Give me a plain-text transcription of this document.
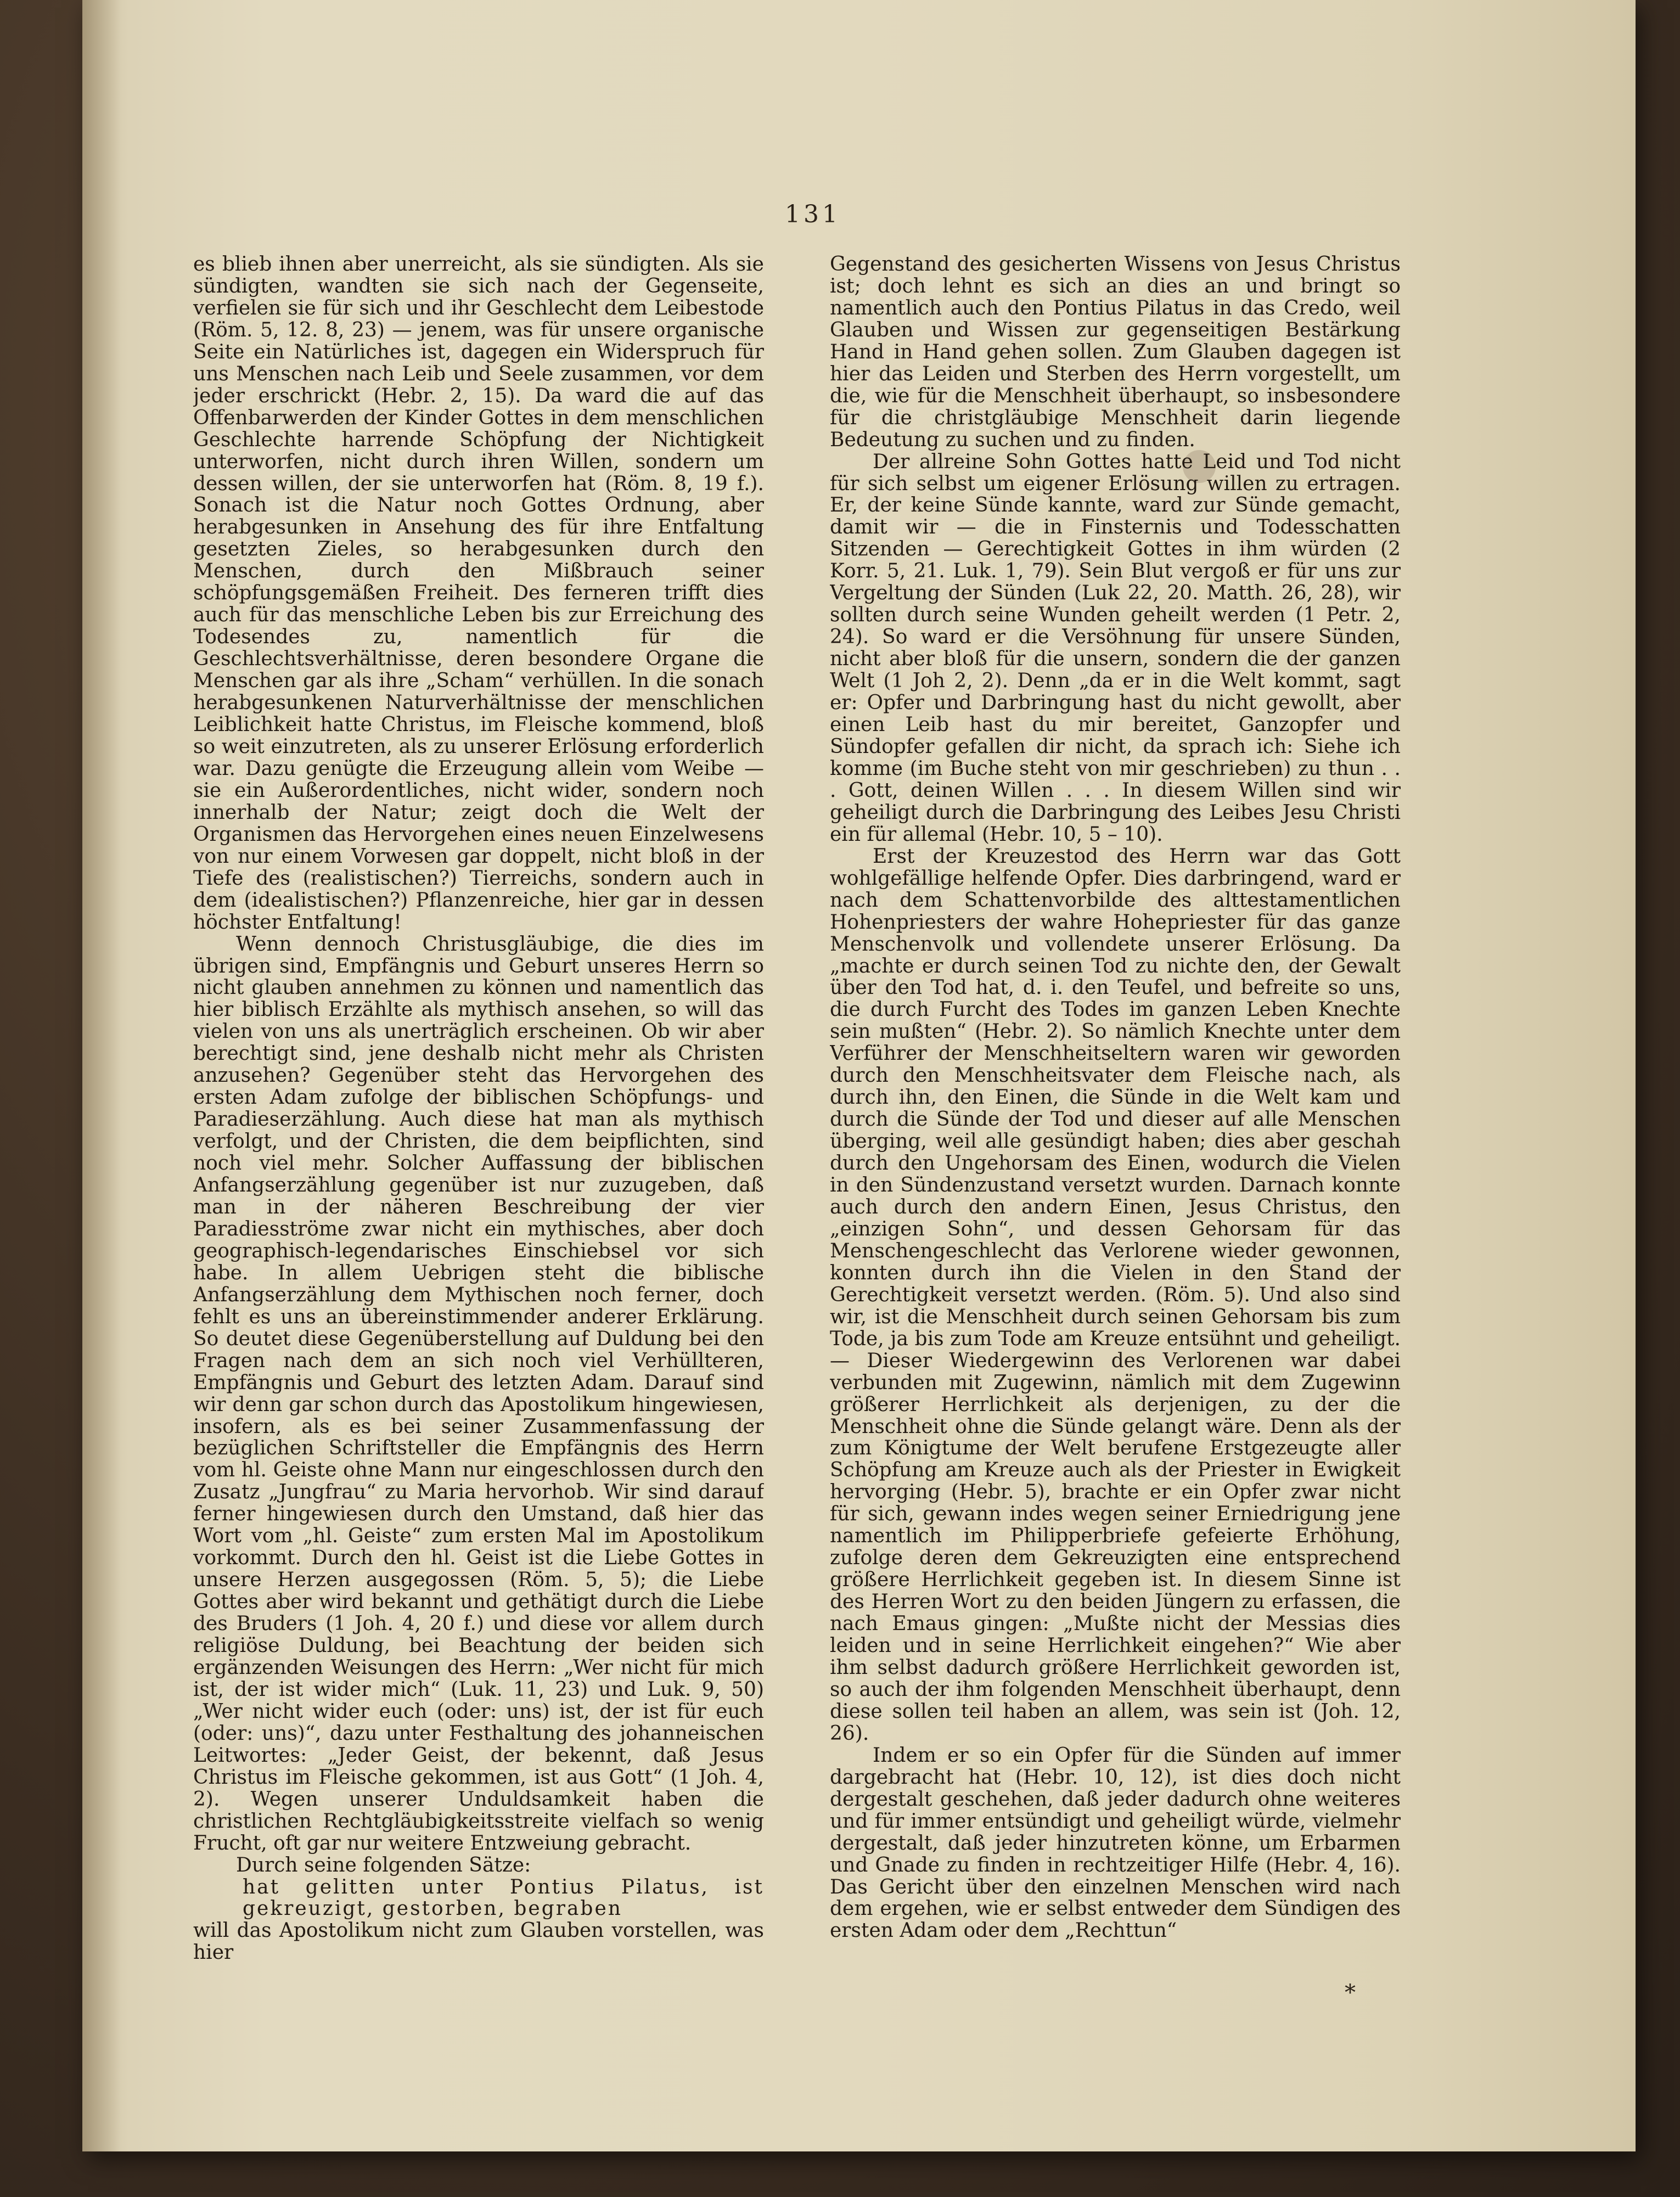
131

es blieb ihnen aber unerreicht, als sie sündigten. Als sie sündigten, wandten sie sich nach der Gegenseite, verfielen sie für sich und ihr Geschlecht dem Leibestode (Röm. 5, 12. 8, 23) — jenem, was für unsere organische Seite ein Natürliches ist, dagegen ein Widerspruch für uns Menschen nach Leib und Seele zusammen, vor dem jeder erschrickt (Hebr. 2, 15). Da ward die auf das Offenbarwerden der Kinder Gottes in dem menschlichen Geschlechte harrende Schöpfung der Nichtigkeit unterworfen, nicht durch ihren Willen, sondern um dessen willen, der sie unterworfen hat (Röm. 8, 19 f.). Sonach ist die Natur noch Gottes Ordnung, aber herabgesunken in Ansehung des für ihre Entfaltung gesetzten Zieles, so herabgesunken durch den Menschen, durch den Mißbrauch seiner schöpfungsgemäßen Freiheit. Des ferneren trifft dies auch für das menschliche Leben bis zur Erreichung des Todesendes zu, namentlich für die Geschlechtsverhältnisse, deren besondere Organe die Menschen gar als ihre „Scham“ verhüllen. In die sonach herabgesunkenen Naturverhältnisse der menschlichen Leiblichkeit hatte Christus, im Fleische kommend, bloß so weit einzutreten, als zu unserer Erlösung erforderlich war. Dazu genügte die Erzeugung allein vom Weibe — sie ein Außerordentliches, nicht wider, sondern noch innerhalb der Natur; zeigt doch die Welt der Organismen das Hervorgehen eines neuen Einzelwesens von nur einem Vorwesen gar doppelt, nicht bloß in der Tiefe des (realistischen?) Tierreichs, sondern auch in dem (idealistischen?) Pflanzenreiche, hier gar in dessen höchster Entfaltung!

Wenn dennoch Christusgläubige, die dies im übrigen sind, Empfängnis und Geburt unseres Herrn so nicht glauben annehmen zu können und namentlich das hier biblisch Erzählte als mythisch ansehen, so will das vielen von uns als unerträglich erscheinen. Ob wir aber berechtigt sind, jene deshalb nicht mehr als Christen anzusehen? Gegenüber steht das Hervorgehen des ersten Adam zufolge der biblischen Schöpfungs- und Paradieserzählung. Auch diese hat man als mythisch verfolgt, und der Christen, die dem beipflichten, sind noch viel mehr. Solcher Auffassung der biblischen Anfangserzählung gegenüber ist nur zuzugeben, daß man in der näheren Beschreibung der vier Paradiesströme zwar nicht ein mythisches, aber doch geographisch-legendarisches Einschiebsel vor sich habe. In allem Uebrigen steht die biblische Anfangserzählung dem Mythischen noch ferner, doch fehlt es uns an übereinstimmender anderer Erklärung. So deutet diese Gegenüberstellung auf Duldung bei den Fragen nach dem an sich noch viel Verhüllteren, Empfängnis und Geburt des letzten Adam. Darauf sind wir denn gar schon durch das Apostolikum hingewiesen, insofern, als es bei seiner Zusammenfassung der bezüglichen Schriftsteller die Empfängnis des Herrn vom hl. Geiste ohne Mann nur eingeschlossen durch den Zusatz „Jungfrau“ zu Maria hervorhob. Wir sind darauf ferner hingewiesen durch den Umstand, daß hier das Wort vom „hl. Geiste“ zum ersten Mal im Apostolikum vorkommt. Durch den hl. Geist ist die Liebe Gottes in unsere Herzen ausgegossen (Röm. 5, 5); die Liebe Gottes aber wird bekannt und gethätigt durch die Liebe des Bruders (1 Joh. 4, 20 f.) und diese vor allem durch religiöse Duldung, bei Beachtung der beiden sich ergänzenden Weisungen des Herrn: „Wer nicht für mich ist, der ist wider mich“ (Luk. 11, 23) und Luk. 9, 50) „Wer nicht wider euch (oder: uns) ist, der ist für euch (oder: uns)“, dazu unter Festhaltung des johanneischen Leitwortes: „Jeder Geist, der bekennt, daß Jesus Christus im Fleische gekommen, ist aus Gott“ (1 Joh. 4, 2). Wegen unserer Unduldsamkeit haben die christlichen Rechtgläubigkeitsstreite vielfach so wenig Frucht, oft gar nur weitere Entzweiung gebracht.

Durch seine folgenden Sätze:

hat gelitten unter Pontius Pilatus, ist gekreuzigt, gestorben, begraben

will das Apostolikum nicht zum Glauben vorstellen, was hier

Gegenstand des gesicherten Wissens von Jesus Christus ist; doch lehnt es sich an dies an und bringt so namentlich auch den Pontius Pilatus in das Credo, weil Glauben und Wissen zur gegenseitigen Bestärkung Hand in Hand gehen sollen. Zum Glauben dagegen ist hier das Leiden und Sterben des Herrn vorgestellt, um die, wie für die Menschheit überhaupt, so insbesondere für die christgläubige Menschheit darin liegende Bedeutung zu suchen und zu finden.

Der allreine Sohn Gottes hatte Leid und Tod nicht für sich selbst um eigener Erlösung willen zu ertragen. Er, der keine Sünde kannte, ward zur Sünde gemacht, damit wir — die in Finsternis und Todesschatten Sitzenden — Gerechtigkeit Gottes in ihm würden (2 Korr. 5, 21. Luk. 1, 79). Sein Blut vergoß er für uns zur Vergeltung der Sünden (Luk 22, 20. Matth. 26, 28), wir sollten durch seine Wunden geheilt werden (1 Petr. 2, 24). So ward er die Versöhnung für unsere Sünden, nicht aber bloß für die unsern, sondern die der ganzen Welt (1 Joh 2, 2). Denn „da er in die Welt kommt, sagt er: Opfer und Darbringung hast du nicht gewollt, aber einen Leib hast du mir bereitet, Ganzopfer und Sündopfer gefallen dir nicht, da sprach ich: Siehe ich komme (im Buche steht von mir geschrieben) zu thun . . . Gott, deinen Willen . . . In diesem Willen sind wir geheiligt durch die Darbringung des Leibes Jesu Christi ein für allemal (Hebr. 10, 5 – 10).

Erst der Kreuzestod des Herrn war das Gott wohlgefällige helfende Opfer. Dies darbringend, ward er nach dem Schattenvorbilde des alttestamentlichen Hohenpriesters der wahre Hohepriester für das ganze Menschenvolk und vollendete unserer Erlösung. Da „machte er durch seinen Tod zu nichte den, der Gewalt über den Tod hat, d. i. den Teufel, und befreite so uns, die durch Furcht des Todes im ganzen Leben Knechte sein mußten“ (Hebr. 2). So nämlich Knechte unter dem Verführer der Menschheitseltern waren wir geworden durch den Menschheitsvater dem Fleische nach, als durch ihn, den Einen, die Sünde in die Welt kam und durch die Sünde der Tod und dieser auf alle Menschen überging, weil alle gesündigt haben; dies aber geschah durch den Ungehorsam des Einen, wodurch die Vielen in den Sündenzustand versetzt wurden. Darnach konnte auch durch den andern Einen, Jesus Christus, den „einzigen Sohn“, und dessen Gehorsam für das Menschengeschlecht das Verlorene wieder gewonnen, konnten durch ihn die Vielen in den Stand der Gerechtigkeit versetzt werden. (Röm. 5). Und also sind wir, ist die Menschheit durch seinen Gehorsam bis zum Tode, ja bis zum Tode am Kreuze entsühnt und geheiligt. — Dieser Wiedergewinn des Verlorenen war dabei verbunden mit Zugewinn, nämlich mit dem Zugewinn größerer Herrlichkeit als derjenigen, zu der die Menschheit ohne die Sünde gelangt wäre. Denn als der zum Königtume der Welt berufene Erstgezeugte aller Schöpfung am Kreuze auch als der Priester in Ewigkeit hervorging (Hebr. 5), brachte er ein Opfer zwar nicht für sich, gewann indes wegen seiner Erniedrigung jene namentlich im Philipperbriefe gefeierte Erhöhung, zufolge deren dem Gekreuzigten eine entsprechend größere Herrlichkeit gegeben ist. In diesem Sinne ist des Herren Wort zu den beiden Jüngern zu erfassen, die nach Emaus gingen: „Mußte nicht der Messias dies leiden und in seine Herrlichkeit eingehen?“ Wie aber ihm selbst dadurch größere Herrlichkeit geworden ist, so auch der ihm folgenden Menschheit überhaupt, denn diese sollen teil haben an allem, was sein ist (Joh. 12, 26).

Indem er so ein Opfer für die Sünden auf immer dargebracht hat (Hebr. 10, 12), ist dies doch nicht dergestalt geschehen, daß jeder dadurch ohne weiteres und für immer entsündigt und geheiligt würde, vielmehr dergestalt, daß jeder hinzutreten könne, um Erbarmen und Gnade zu finden in rechtzeitiger Hilfe (Hebr. 4, 16). Das Gericht über den einzelnen Menschen wird nach dem ergehen, wie er selbst entweder dem Sündigen des ersten Adam oder dem „Rechttun“

*
